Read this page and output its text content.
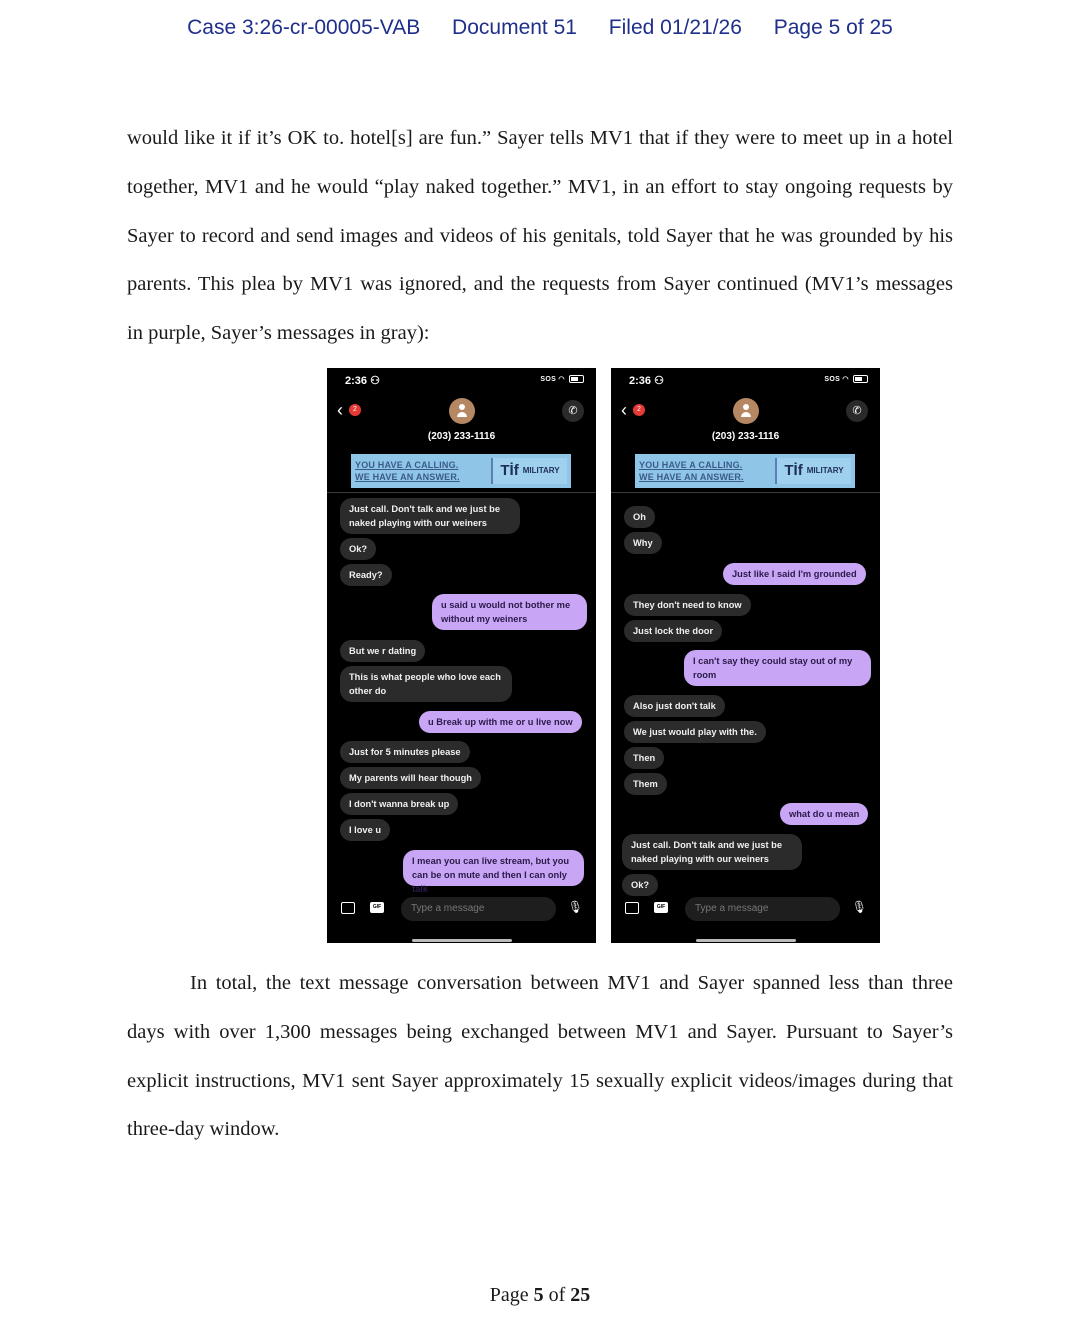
Case 3:26-cr-00005-VAB Document 51 Filed 01/21/26 Page 5 of 25
would like it if it’s OK to. hotel[s] are fun.” Sayer tells MV1 that if they were to meet up in a hotel
together, MV1 and he would “play naked together.” MV1, in an effort to stay ongoing requests by
Sayer to record and send images and videos of his genitals, told Sayer that he was grounded by his
parents. This plea by MV1 was ignored, and the requests from Sayer continued (MV1’s messages
in purple, Sayer’s messages in gray):
2:36 ⚇	SOS ◠
‹	2	✆
(203) 233-1116
YOU HAVE A CALLING.
WE HAVE AN ANSWER.	Tİf MILITARY
Just call. Don't talk and we just be naked playing with our weiners
Ok?
Ready?
u said u would not bother me without my weiners
But we r dating
This is what people who love each other do
u Break up with me or u live now
Just for 5 minutes please
My parents will hear though
I don't wanna break up
I love u
I mean you can live stream, but you can be on mute and then I can only talk
GIF	Type a message	🎙
2:36 ⚇	SOS ◠
‹	2	✆
(203) 233-1116
YOU HAVE A CALLING.
WE HAVE AN ANSWER.	Tİf MILITARY
Oh
Why
Just like I said I'm grounded
They don't need to know
Just lock the door
I can't say they could stay out of my room
Also just don't talk
We just would play with the.
Then
Them
what do u mean
Just call. Don't talk and we just be naked playing with our weiners
Ok?
GIF	Type a message	🎙
In total, the text message conversation between MV1 and Sayer spanned less than three
days with over 1,300 messages being exchanged between MV1 and Sayer. Pursuant to Sayer’s
explicit instructions, MV1 sent Sayer approximately 15 sexually explicit videos/images during that
three-day window.
Page 5 of 25
